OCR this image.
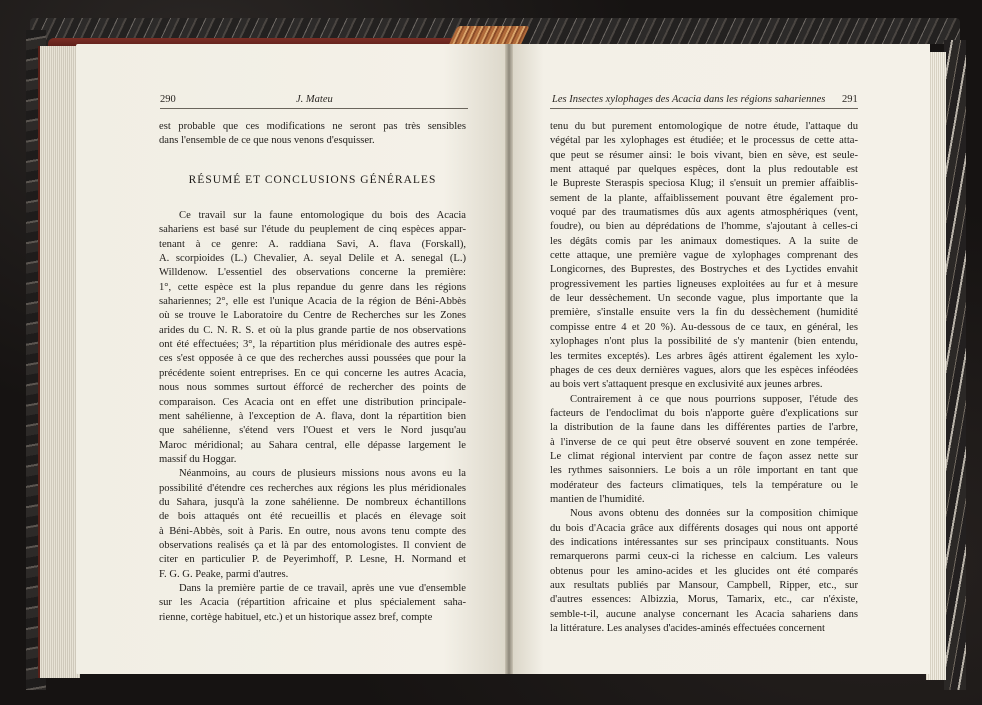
290	J. Mateu
est probable que ces modifications ne seront pas très sensibles
dans l'ensemble de ce que nous venons d'esquisser.
RÉSUMÉ ET CONCLUSIONS GÉNÉRALES
Ce travail sur la faune entomologique du bois des Acacia
sahariens est basé sur l'étude du peuplement de cinq espèces appar-
tenant à ce genre: A. raddiana Savi, A. flava (Forskall),
A. scorpioides (L.) Chevalier, A. seyal Delile et A. senegal (L.)
Willdenow. L'essentiel des observations concerne la première:
1°, cette espèce est la plus repandue du genre dans les régions
sahariennes; 2°, elle est l'unique Acacia de la région de Béni-Abbès
où se trouve le Laboratoire du Centre de Recherches sur les Zones
arides du C. N. R. S. et où la plus grande partie de nos observations
ont été effectuées; 3°, la répartition plus méridionale des autres espè-
ces s'est opposée à ce que des recherches aussi poussées que pour la
précédente soient entreprises. En ce qui concerne les autres Acacia,
nous nous sommes surtout éfforcé de rechercher des points de
comparaison. Ces Acacia ont en effet une distribution principale-
ment sahélienne, à l'exception de A. flava, dont la répartition bien
que sahélienne, s'étend vers l'Ouest et vers le Nord jusqu'au
Maroc méridional; au Sahara central, elle dépasse largement le
massif du Hoggar.
Néanmoins, au cours de plusieurs missions nous avons eu la
possibilité d'étendre ces recherches aux régions les plus méridionales
du Sahara, jusqu'à la zone sahélienne. De nombreux échantillons
de bois attaqués ont été recueillis et placés en élevage soit
à Béni-Abbès, soit à Paris. En outre, nous avons tenu compte des
observations realisés ça et là par des entomologistes. Il convient de
citer en particulier P. de Peyerimhoff, P. Lesne, H. Normand et
F. G. G. Peake, parmi d'autres.
Dans la première partie de ce travail, après une vue d'ensemble
sur les Acacia (répartition africaine et plus spécialement saha-
rienne, cortège habituel, etc.) et un historique assez bref, compte
Les Insectes xylophages des Acacia dans les régions sahariennes 291
tenu du but purement entomologique de notre étude, l'attaque du
végétal par les xylophages est étudiée; et le processus de cette atta-
que peut se résumer ainsi: le bois vivant, bien en sève, est seule-
ment attaqué par quelques espèces, dont la plus redoutable est
le Bupreste Steraspis speciosa Klug; il s'ensuit un premier affaiblis-
sement de la plante, affaiblissement pouvant être également pro-
voqué par des traumatismes dûs aux agents atmosphériques (vent,
foudre), ou bien au déprédations de l'homme, s'ajoutant à celles-ci
les dégâts comis par les animaux domestiques. A la suite de
cette attaque, une première vague de xylophages comprenant des
Longicornes, des Buprestes, des Bostryches et des Lyctides envahit
progressivement les parties ligneuses exploitées au fur et à mesure
de leur dessèchement. Un seconde vague, plus importante que la
première, s'installe ensuite vers la fin du dessèchement (humidité
compisse entre 4 et 20 %). Au-dessous de ce taux, en général, les
xylophages n'ont plus la possibilité de s'y mantenir (bien entendu,
les termites exceptés). Les arbres âgés attirent également les xylo-
phages de ces deux dernières vagues, alors que les espèces inféodées
au bois vert s'attaquent presque en exclusivité aux jeunes arbres.
Contrairement à ce que nous pourrions supposer, l'étude des
facteurs de l'endoclimat du bois n'apporte guère d'explications sur
la distribution de la faune dans les différentes parties de l'arbre,
à l'inverse de ce qui peut être observé souvent en zone tempérée.
Le climat régional intervient par contre de façon assez nette sur
les rythmes saisonniers. Le bois a un rôle important en tant que
modérateur des facteurs climatiques, tels la température ou le
mantien de l'humidité.
Nous avons obtenu des données sur la composition chimique
du bois d'Acacia grâce aux différents dosages qui nous ont apporté
des indications intéressantes sur ses principaux constituants. Nous
remarquerons parmi ceux-ci la richesse en calcium. Les valeurs
obtenus pour les amino-acides et les glucides ont été comparés
aux resultats publiés par Mansour, Campbell, Ripper, etc., sur
d'autres essences: Albizzia, Morus, Tamarix, etc., car n'éxiste,
semble-t-il, aucune analyse concernant les Acacia sahariens dans
la littérature. Les analyses d'acides-aminés effectuées concernent
